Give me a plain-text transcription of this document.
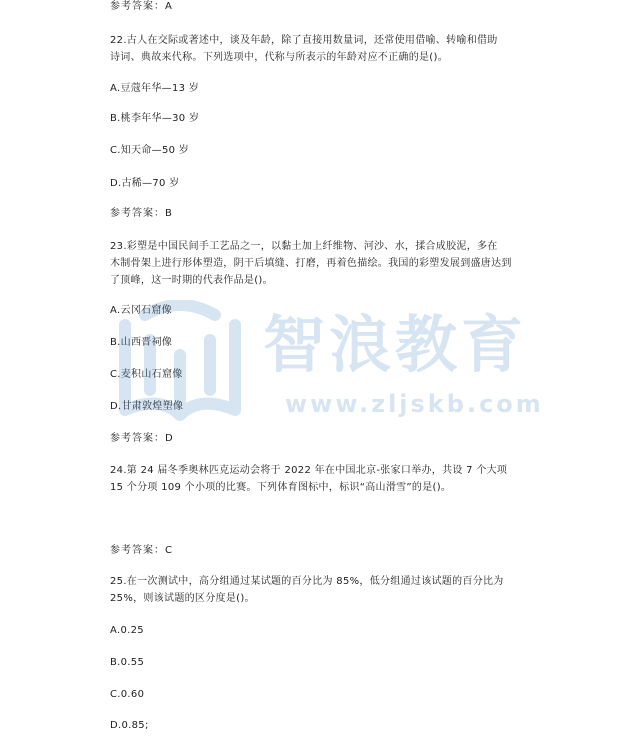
参考答案：A
22.古人在交际或著述中，谈及年龄，除了直接用数量词，还常使用借喻、转喻和借助
诗词、典故来代称。下列选项中，代称与所表示的年龄对应不正确的是()。
A.豆蔻年华—13 岁
B.桃李年华—30 岁
C.知天命—50 岁
D.古稀—70 岁
参考答案：B
23.彩塑是中国民间手工艺品之一，以黏土加上纤维物、河沙、水，揉合成胶泥，多在
木制骨架上进行形体塑造，阴干后填缝、打磨，再着色描绘。我国的彩塑发展到盛唐达到
了顶峰，这一时期的代表作品是()。
A.云冈石窟像
B.山西晋祠像
C.麦积山石窟像
D.甘肃敦煌塑像
参考答案：D
24.第 24 届冬季奥林匹克运动会将于 2022 年在中国北京-张家口举办，共设 7 个大项
15 个分项 109 个小项的比赛。下列体育图标中，标识“高山滑雪”的是()。
参考答案：C
25.在一次测试中，高分组通过某试题的百分比为 85%，低分组通过该试题的百分比为
25%，则该试题的区分度是()。
A.0.25
B.0.55
C.0.60
D.0.85;
智浪教育
www.zljskb.com
